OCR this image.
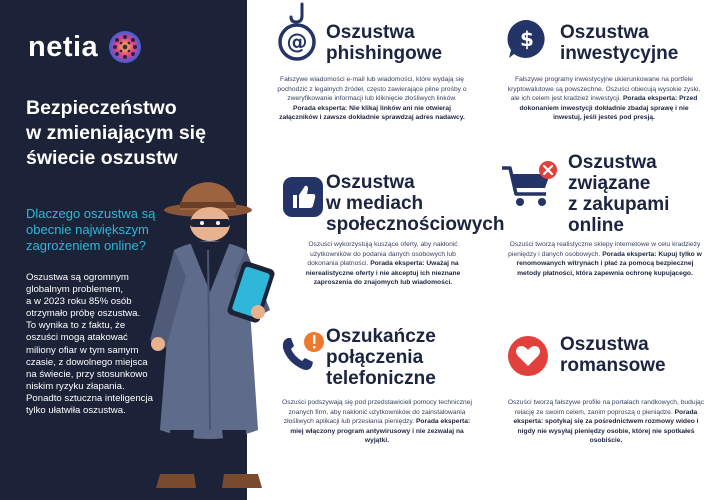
netia
Bezpieczeństwo
w zmieniającym się
świecie oszustw
Dlaczego oszustwa są
obecnie największym
zagrożeniem online?
Oszustwa są ogromnym
globalnym problemem,
a w 2023 roku 85% osób
otrzymało próbę oszustwa.
To wynika to z faktu, że
oszuści mogą atakować
miliony ofiar w tym samym
czasie, z dowolnego miejsca
na świecie, przy stosunkowo
niskim ryzyku złapania.
Ponadto sztuczna inteligencja
tylko ułatwiła oszustwa.
@ Oszustwa
phishingowe
Fałszywe wiadomości e-mail lub wiadomości, które wydają się pochodzić z legalnych źródeł, często zawierające pilne prośby o zweryfikowanie informacji lub kliknięcie złośliwych linków. Porada eksperta: Nie klikaj linków ani nie otwieraj załączników i zawsze dokładnie sprawdzaj adres nadawcy.
$ Oszustwa
inwestycyjne
Fałszywe programy inwestycyjne ukierunkowane na portfele kryptowalutowe są powszechne. Oszuści obiecują wysokie zyski, ale ich celem jest kradzież inwestycji. Porada eksperta: Przed dokonaniem inwestycji dokładnie zbadaj sprawę i nie inwestuj, jeśli jesteś pod presją.
Oszustwa
w mediach
społecznościowych
Oszuści wykorzystują kuszące oferty, aby nakłonić użytkowników do podania danych osobowych lub dokonania płatności. Porada eksperta: Uważaj na nierealistyczne oferty i nie akceptuj ich nieznane zaproszenia do znajomych lub wiadomości.
Oszustwa
związane
z zakupami
online
Oszuści tworzą realistyczne sklepy internetowe w celu kradzieży pieniędzy i danych osobowych. Porada eksperta: Kupuj tylko w renomowanych witrynach i płać za pomocą bezpiecznej metody płatności, która zapewnia ochronę kupującego.
Oszukańcze
połączenia
telefoniczne
Oszuści podszywają się pod przedstawicieli pomocy technicznej znanych firm, aby nakłonić użytkowników do zainstalowania złośliwych aplikacji lub przesłania pieniędzy. Porada eksperta: miej włączony program antywirusowy i nie zezwalaj na wyjątki.
Oszustwa
romansowe
Oszuści tworzą fałszywe profile na portalach randkowych, budując relację ze swoim celem, zanim poproszą o pieniądze. Porada eksperta: spotykaj się za pośrednictwem rozmowy wideo i nigdy nie wysyłaj pieniędzy osobie, której nie spotkałeś osobiście.
